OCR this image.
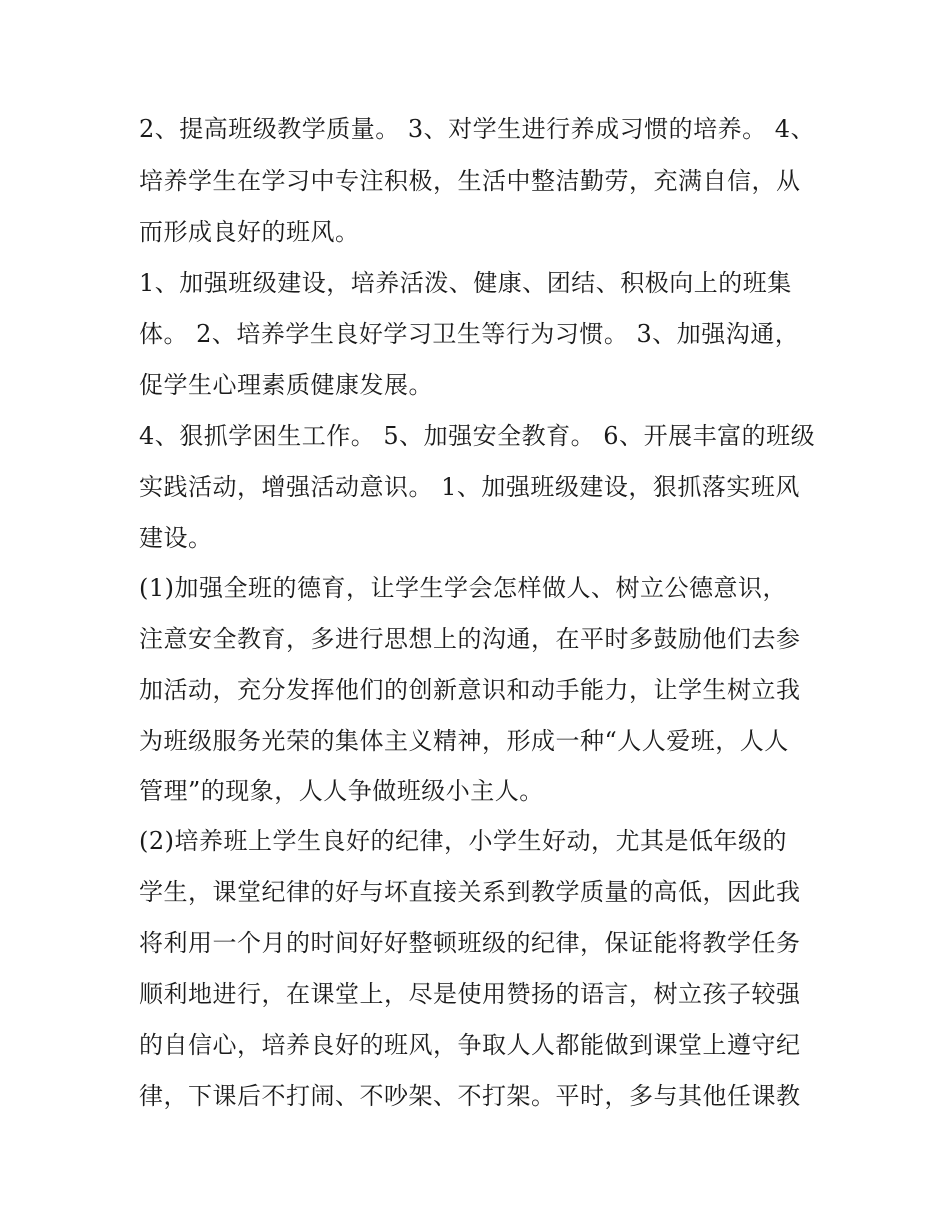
2、提高班级教学质量。 3、对学生进行养成习惯的培养。 4、

培养学生在学习中专注积极，生活中整洁勤劳，充满自信，从

而形成良好的班风。

1、加强班级建设，培养活泼、健康、团结、积极向上的班集

体。 2、培养学生良好学习卫生等行为习惯。 3、加强沟通，

促学生心理素质健康发展。

4、狠抓学困生工作。 5、加强安全教育。 6、开展丰富的班级

实践活动，增强活动意识。 1、加强班级建设，狠抓落实班风

建设。

(1)加强全班的德育，让学生学会怎样做人、树立公德意识，

注意安全教育，多进行思想上的沟通，在平时多鼓励他们去参

加活动，充分发挥他们的创新意识和动手能力，让学生树立我

为班级服务光荣的集体主义精神，形成一种“人人爱班，人人

管理”的现象，人人争做班级小主人。

(2)培养班上学生良好的纪律，小学生好动，尤其是低年级的

学生，课堂纪律的好与坏直接关系到教学质量的高低，因此我

将利用一个月的时间好好整顿班级的纪律，保证能将教学任务

顺利地进行，在课堂上，尽是使用赞扬的语言，树立孩子较强

的自信心，培养良好的班风，争取人人都能做到课堂上遵守纪

律，下课后不打闹、不吵架、不打架。平时，多与其他任课教
